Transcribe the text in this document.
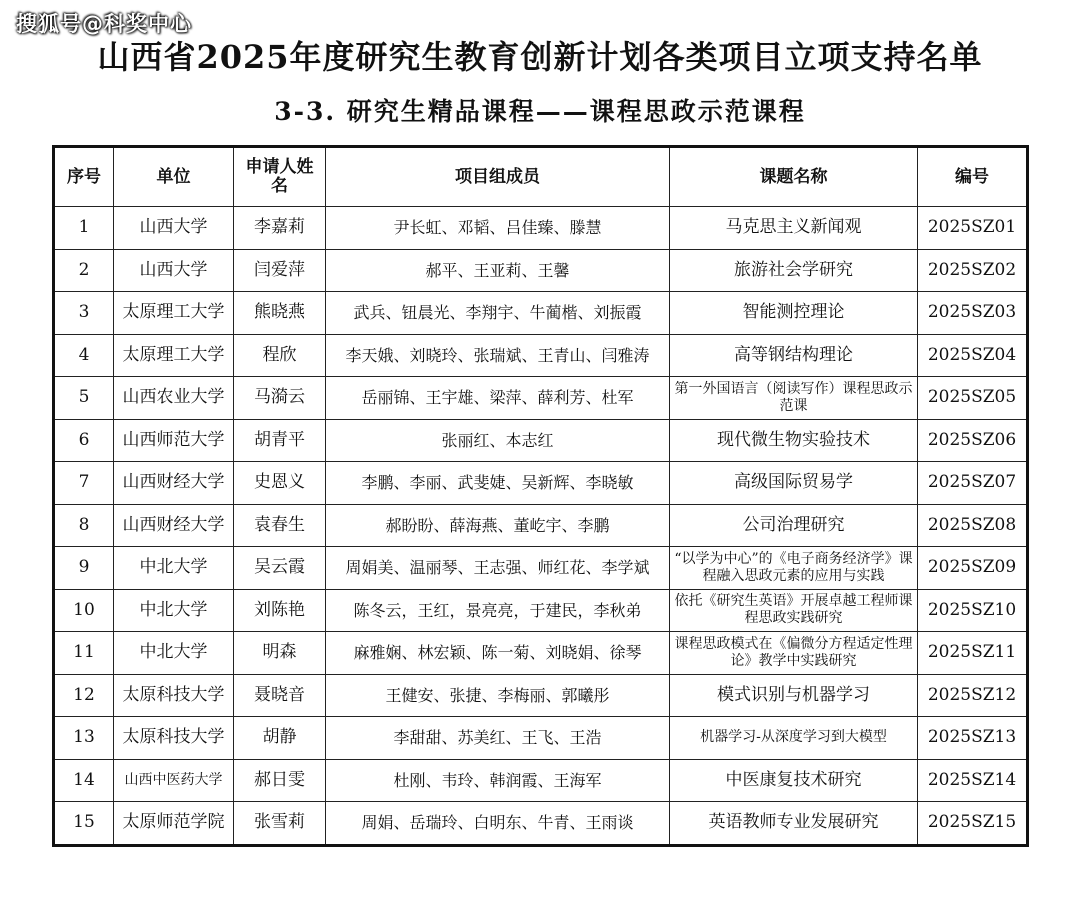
搜狐号@科奖中心
山西省2025年度研究生教育创新计划各类项目立项支持名单
3-3. 研究生精品课程——课程思政示范课程
序号	单位	申请人姓名	项目组成员	课题名称	编号
1	山西大学	李嘉莉	尹长虹、邓韬、吕佳臻、滕慧	马克思主义新闻观	2025SZ01
2	山西大学	闫爱萍	郝平、王亚莉、王馨	旅游社会学研究	2025SZ02
3	太原理工大学	熊晓燕	武兵、钮晨光、李翔宇、牛蔺楷、刘振霞	智能测控理论	2025SZ03
4	太原理工大学	程欣	李天娥、刘晓玲、张瑞斌、王青山、闫雅涛	高等钢结构理论	2025SZ04
5	山西农业大学	马漪云	岳丽锦、王宇雄、梁萍、薛利芳、杜军	第一外国语言（阅读写作）课程思政示范课	2025SZ05
6	山西师范大学	胡青平	张丽红、本志红	现代微生物实验技术	2025SZ06
7	山西财经大学	史恩义	李鹏、李丽、武斐婕、吴新辉、李晓敏	高级国际贸易学	2025SZ07
8	山西财经大学	袁春生	郝盼盼、薛海燕、董屹宇、李鹏	公司治理研究	2025SZ08
9	中北大学	吴云霞	周娟美、温丽琴、王志强、师红花、李学斌	“以学为中心”的《电子商务经济学》课程融入思政元素的应用与实践	2025SZ09
10	中北大学	刘陈艳	陈冬云，王红，景亮亮，于建民，李秋弟	依托《研究生英语》开展卓越工程师课程思政实践研究	2025SZ10
11	中北大学	明森	麻雅娴、林宏颖、陈一菊、刘晓娟、徐琴	课程思政模式在《偏微分方程适定性理论》教学中实践研究	2025SZ11
12	太原科技大学	聂晓音	王健安、张捷、李梅丽、郭曦彤	模式识别与机器学习	2025SZ12
13	太原科技大学	胡静	李甜甜、苏美红、王飞、王浩	机器学习-从深度学习到大模型	2025SZ13
14	山西中医药大学	郝日雯	杜刚、韦玲、韩润霞、王海军	中医康复技术研究	2025SZ14
15	太原师范学院	张雪莉	周娟、岳瑞玲、白明东、牛青、王雨谈	英语教师专业发展研究	2025SZ15
